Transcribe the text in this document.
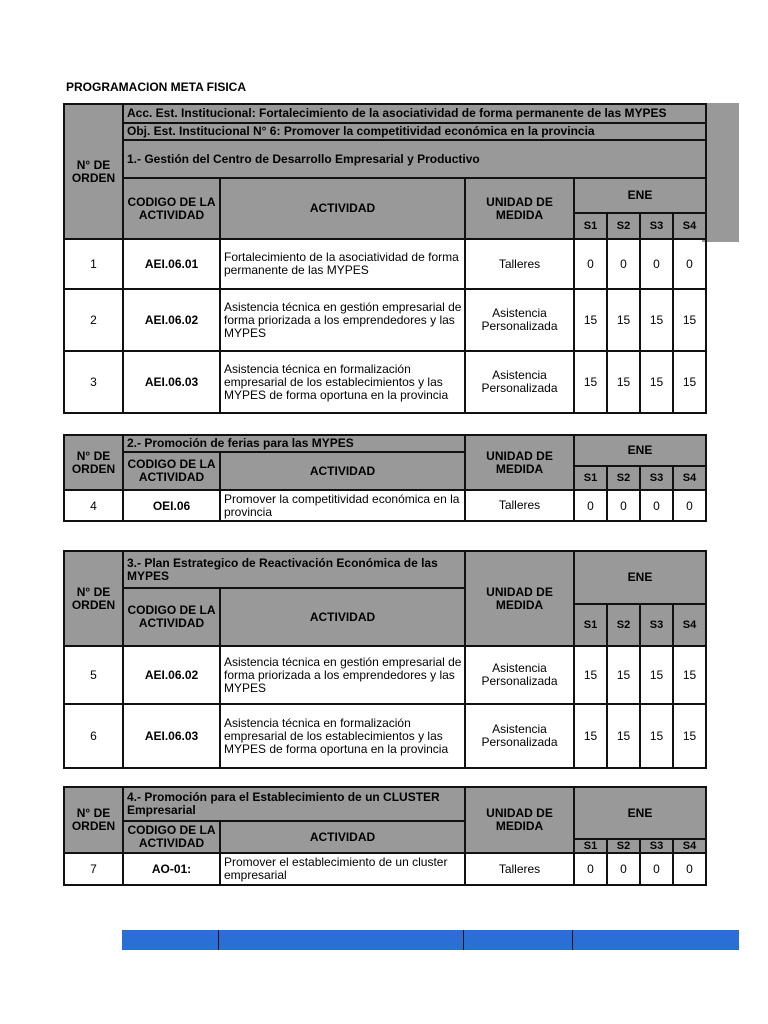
PROGRAMACION META FISICA
N° DE ORDEN	Acc. Est. Institucional: Fortalecimiento de la asociatividad de forma permanente de las MYPES						
	Obj. Est. Institucional N° 6: Promover la competitividad económica en la provincia						
	1.- Gestión del Centro de Desarrollo Empresarial y Productivo						
	CODIGO DE LA ACTIVIDAD	ACTIVIDAD	UNIDAD DE MEDIDA	ENE			
				S1	S2	S3	S4
1	AEI.06.01	Fortalecimiento de la asociatividad de forma permanente de las MYPES	Talleres	0	0	0	0
2	AEI.06.02	Asistencia técnica en gestión empresarial de forma priorizada a los emprendedores y las MYPES	Asistencia Personalizada	15	15	15	15
3	AEI.06.03	Asistencia técnica en formalización empresarial de los establecimientos y las MYPES de forma oportuna en la provincia	Asistencia Personalizada	15	15	15	15
N° DE ORDEN	2.- Promoción de ferias para las MYPES		UNIDAD DE MEDIDA	ENE			
	CODIGO DE LA ACTIVIDAD	ACTIVIDAD					
				S1	S2	S3	S4
4	OEI.06	Promover la competitividad económica en la provincia	Talleres	0	0	0	0
N° DE ORDEN	3.- Plan Estrategico de Reactivación Económica de las MYPES		UNIDAD DE MEDIDA	ENE			
	CODIGO DE LA ACTIVIDAD	ACTIVIDAD					
				S1	S2	S3	S4
5	AEI.06.02	Asistencia técnica en gestión empresarial de forma priorizada a los emprendedores y las MYPES	Asistencia Personalizada	15	15	15	15
6	AEI.06.03	Asistencia técnica en formalización empresarial de los establecimientos y las MYPES de forma oportuna en la provincia	Asistencia Personalizada	15	15	15	15
N° DE ORDEN	4.- Promoción para el Establecimiento de un CLUSTER Empresarial		UNIDAD DE MEDIDA	ENE			
	CODIGO DE LA ACTIVIDAD	ACTIVIDAD					
				S1	S2	S3	S4
7	AO-01:	Promover el establecimiento de un cluster empresarial	Talleres	0	0	0	0
